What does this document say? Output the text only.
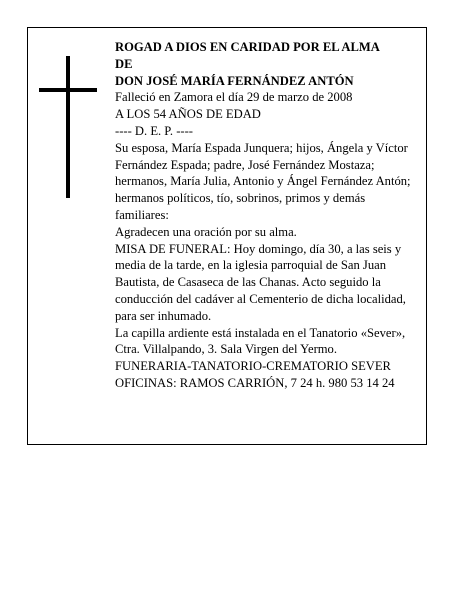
ROGAD A DIOS EN CARIDAD POR EL ALMA

DE

DON JOSÉ MARÍA FERNÁNDEZ ANTÓN

Falleció en Zamora el día 29 de marzo de 2008

A LOS 54 AÑOS DE EDAD

---- D. E. P. ----

Su esposa, María Espada Junquera; hijos, Ángela y Víctor Fernández Espada; padre, José Fernández Mostaza; hermanos, María Julia, Antonio y Ángel Fernández Antón; hermanos políticos, tío, sobrinos, primos y demás familiares:

Agradecen una oración por su alma.

MISA DE FUNERAL: Hoy domingo, día 30, a las seis y media de la tarde, en la iglesia parroquial de San Juan Bautista, de Casaseca de las Chanas. Acto seguido la conducción del cadáver al Cementerio de dicha localidad, para ser inhumado.

La capilla ardiente está instalada en el Tanatorio «Sever», Ctra. Villalpando, 3. Sala Virgen del Yermo.

FUNERARIA-TANATORIO-CREMATORIO SEVER

OFICINAS: RAMOS CARRIÓN, 7 24 h. 980 53 14 24
